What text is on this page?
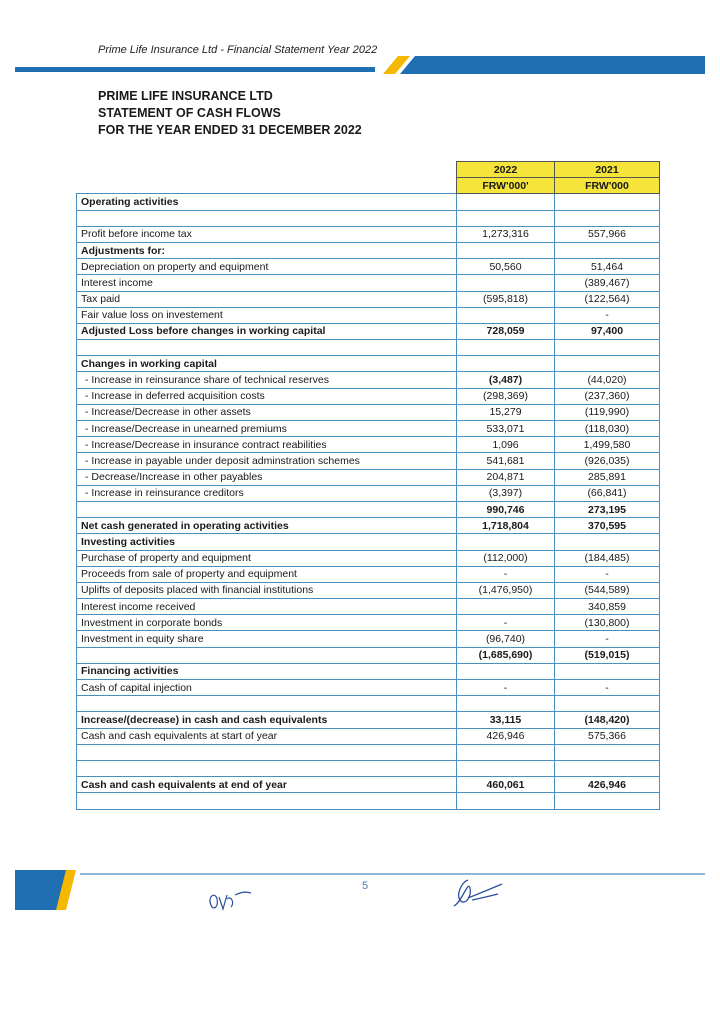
Prime Life Insurance Ltd - Financial Statement Year 2022
PRIME LIFE INSURANCE LTD
STATEMENT OF CASH FLOWS
FOR THE YEAR ENDED 31 DECEMBER 2022
	2022	2021
	FRW'000'	FRW'000
Operating activities		

Profit before income tax	1,273,316	557,966
Adjustments for:		
Depreciation on property and equipment	50,560	51,464
Interest income		(389,467)
Tax paid	(595,818)	(122,564)
Fair value loss on investement		-
Adjusted Loss before changes in working capital	728,059	97,400

Changes in working capital		
- Increase in reinsurance share of technical reserves	(3,487)	(44,020)
- Increase in deferred acquisition costs	(298,369)	(237,360)
- Increase/Decrease in other assets	15,279	(119,990)
- Increase/Decrease in unearned premiums	533,071	(118,030)
- Increase/Decrease in insurance contract reabilities	1,096	1,499,580
- Increase in payable under deposit adminstration schemes	541,681	(926,035)
- Decrease/Increase in other payables	204,871	285,891
- Increase in reinsurance creditors	(3,397)	(66,841)
	990,746	273,195
Net cash generated in operating activities	1,718,804	370,595
Investing activities		
Purchase of property and equipment	(112,000)	(184,485)
Proceeds from sale of property and equipment	-	-
Uplifts of deposits placed with financial institutions	(1,476,950)	(544,589)
Interest income received		340,859
Investment in corporate bonds	-	(130,800)
Investment in equity share	(96,740)	-
	(1,685,690)	(519,015)
Financing activities		
Cash of capital injection	-	-

Increase/(decrease) in cash and cash equivalents	33,115	(148,420)
Cash and cash equivalents at start of year	426,946	575,366

Cash and cash equivalents at end of year	460,061	426,946

5
